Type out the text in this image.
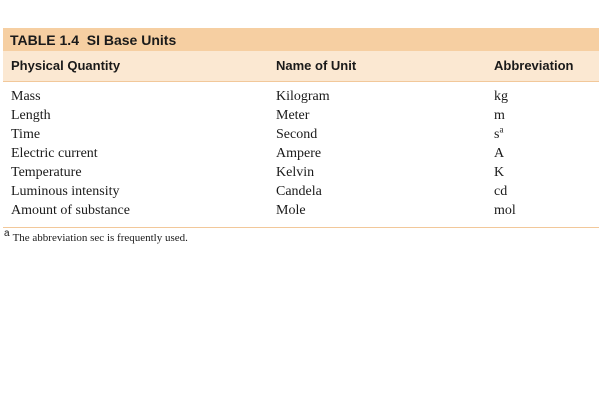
TABLE 1.4  SI Base Units
Physical Quantity	Name of Unit	Abbreviation
Mass	Kilogram	kg
Length	Meter	m
Time	Second	$s^a$
Electric current	Ampere	A
Temperature	Kelvin	K
Luminous intensity	Candela	cd
Amount of substance	Mole	mol
a The abbreviation sec is frequently used.
